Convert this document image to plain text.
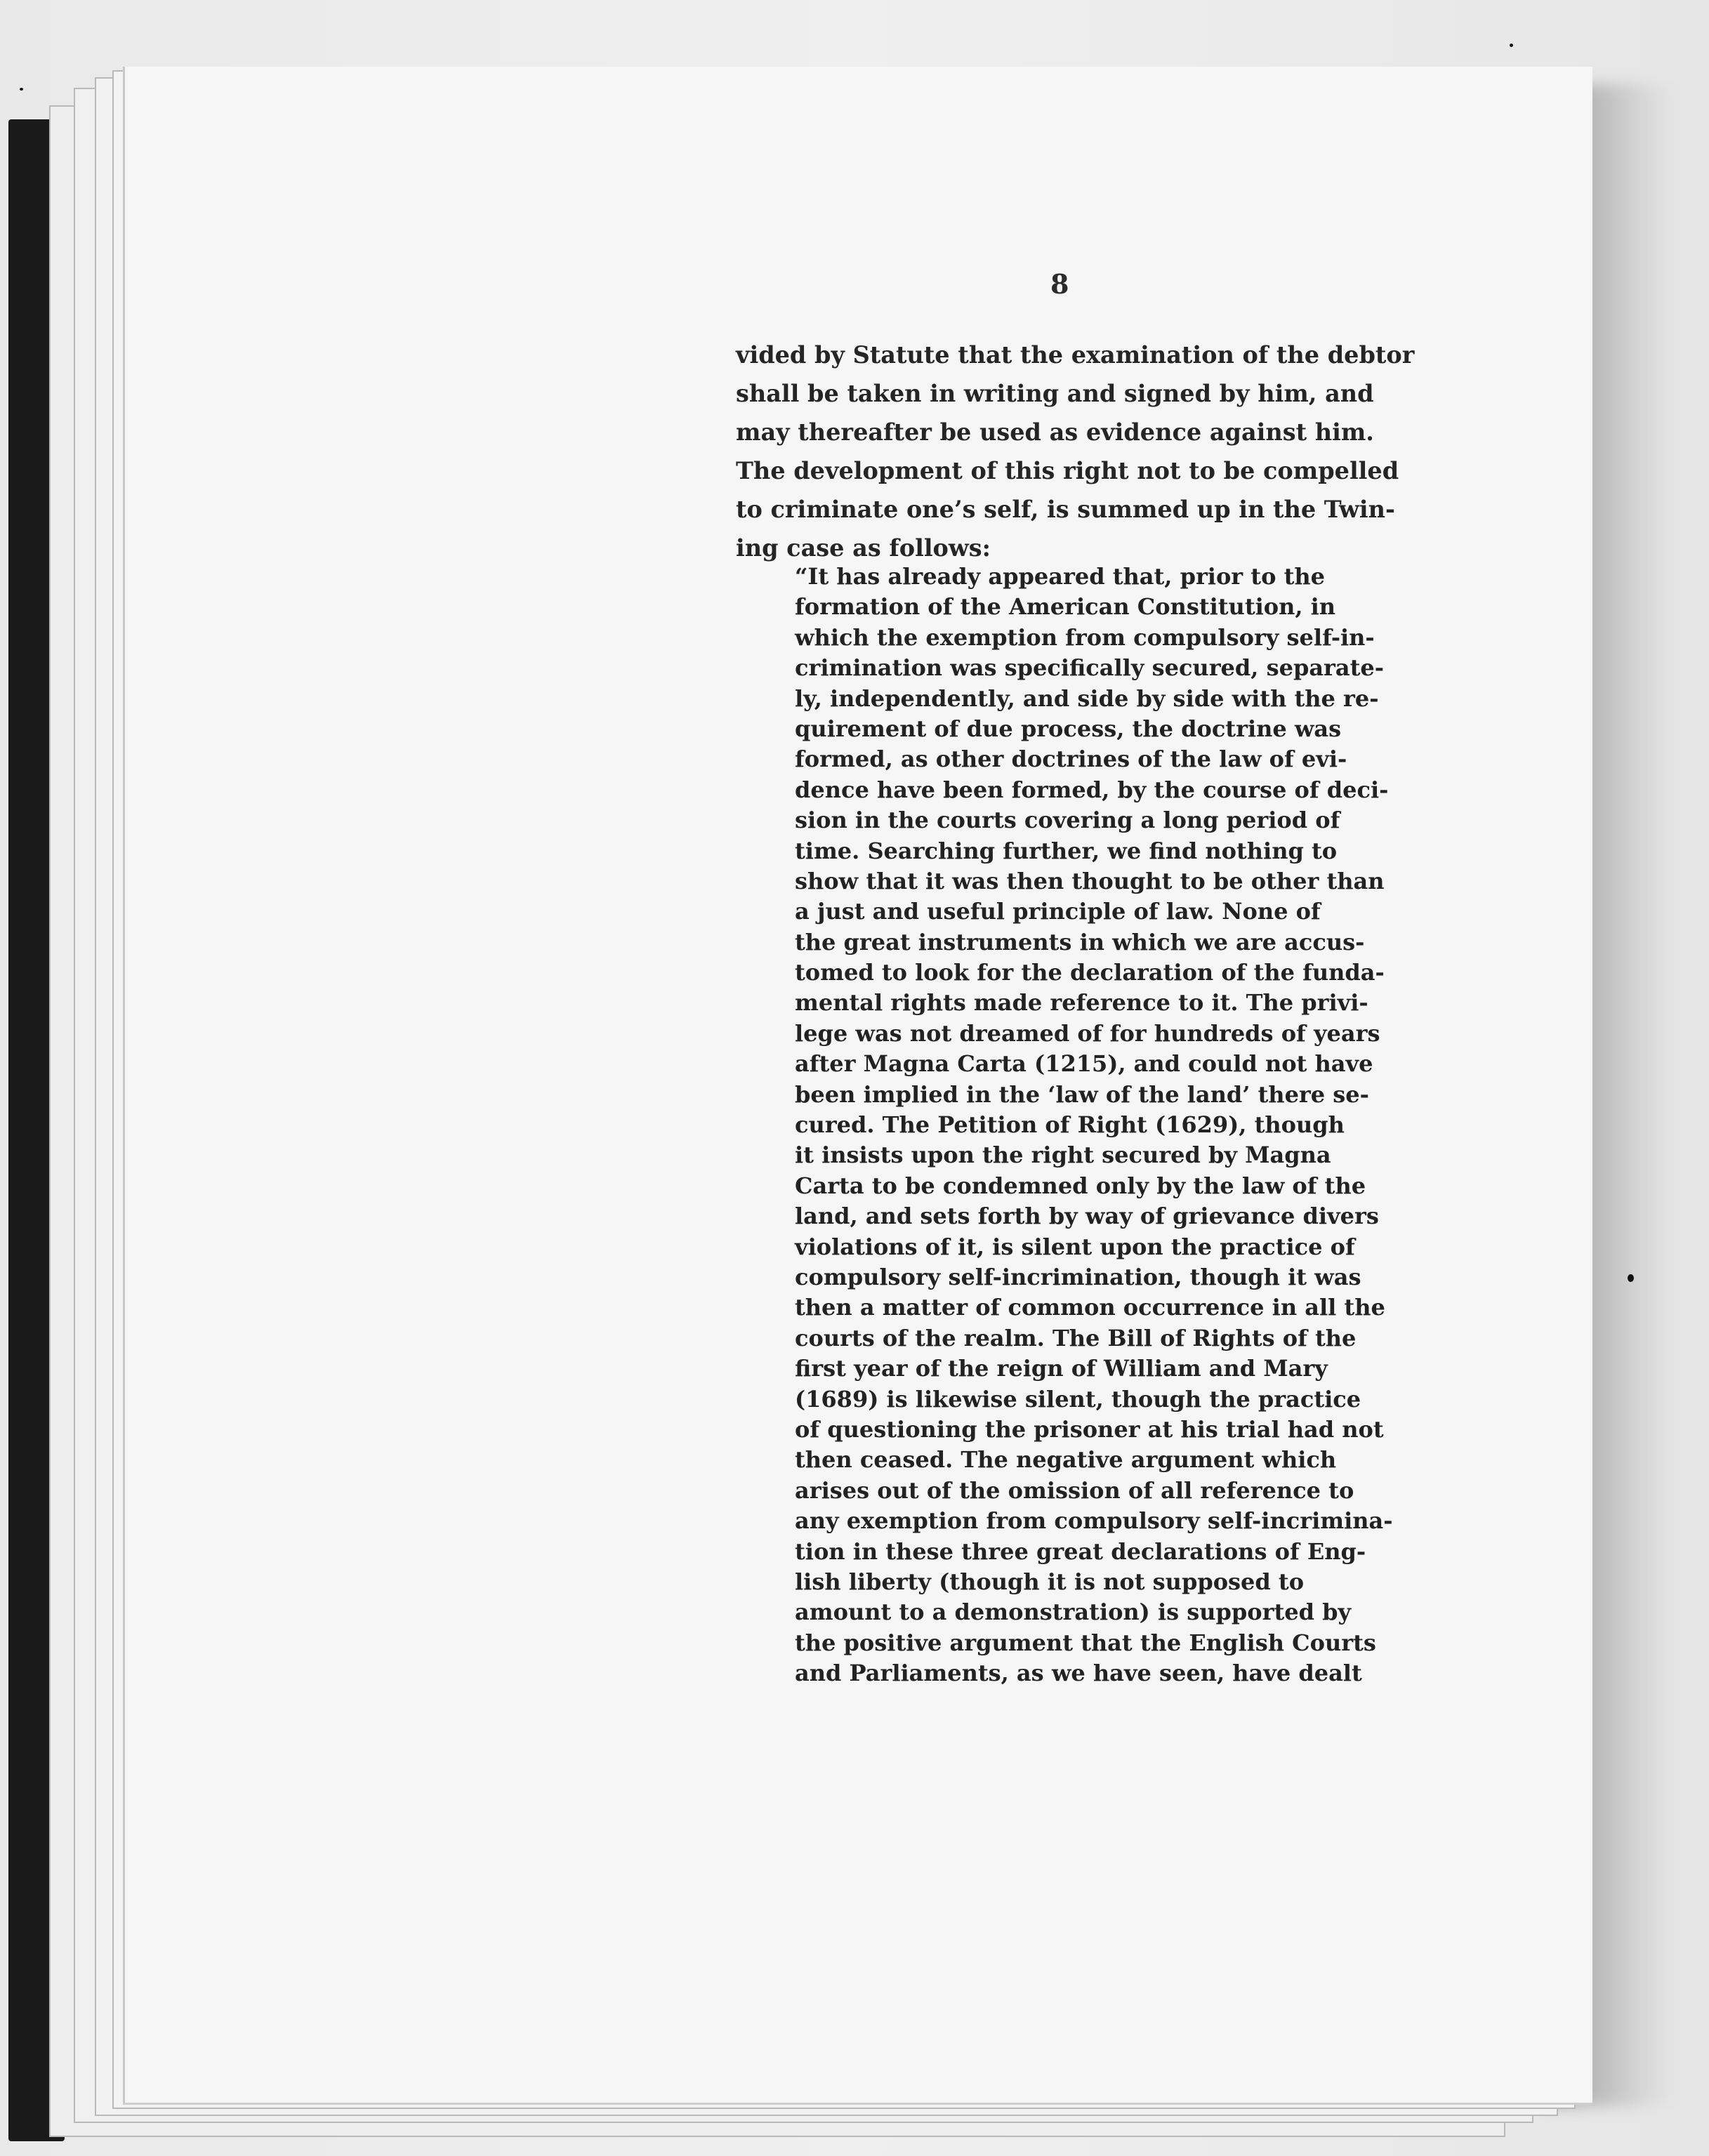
8
vided by Statute that the examination of the debtor
shall be taken in writing and signed by him, and
may thereafter be used as evidence against him.
The development of this right not to be compelled
to criminate one’s self, is summed up in the Twin-
ing case as follows:
“It has already appeared that, prior to the
formation of the American Constitution, in
which the exemption from compulsory self-in-
crimination was specifically secured, separate-
ly, independently, and side by side with the re-
quirement of due process, the doctrine was
formed, as other doctrines of the law of evi-
dence have been formed, by the course of deci-
sion in the courts covering a long period of
time. Searching further, we find nothing to
show that it was then thought to be other than
a just and useful principle of law. None of
the great instruments in which we are accus-
tomed to look for the declaration of the funda-
mental rights made reference to it. The privi-
lege was not dreamed of for hundreds of years
after Magna Carta (1215), and could not have
been implied in the ‘law of the land’ there se-
cured. The Petition of Right (1629), though
it insists upon the right secured by Magna
Carta to be condemned only by the law of the
land, and sets forth by way of grievance divers
violations of it, is silent upon the practice of
compulsory self-incrimination, though it was
then a matter of common occurrence in all the
courts of the realm. The Bill of Rights of the
first year of the reign of William and Mary
(1689) is likewise silent, though the practice
of questioning the prisoner at his trial had not
then ceased. The negative argument which
arises out of the omission of all reference to
any exemption from compulsory self-incrimina-
tion in these three great declarations of Eng-
lish liberty (though it is not supposed to
amount to a demonstration) is supported by
the positive argument that the English Courts
and Parliaments, as we have seen, have dealt
